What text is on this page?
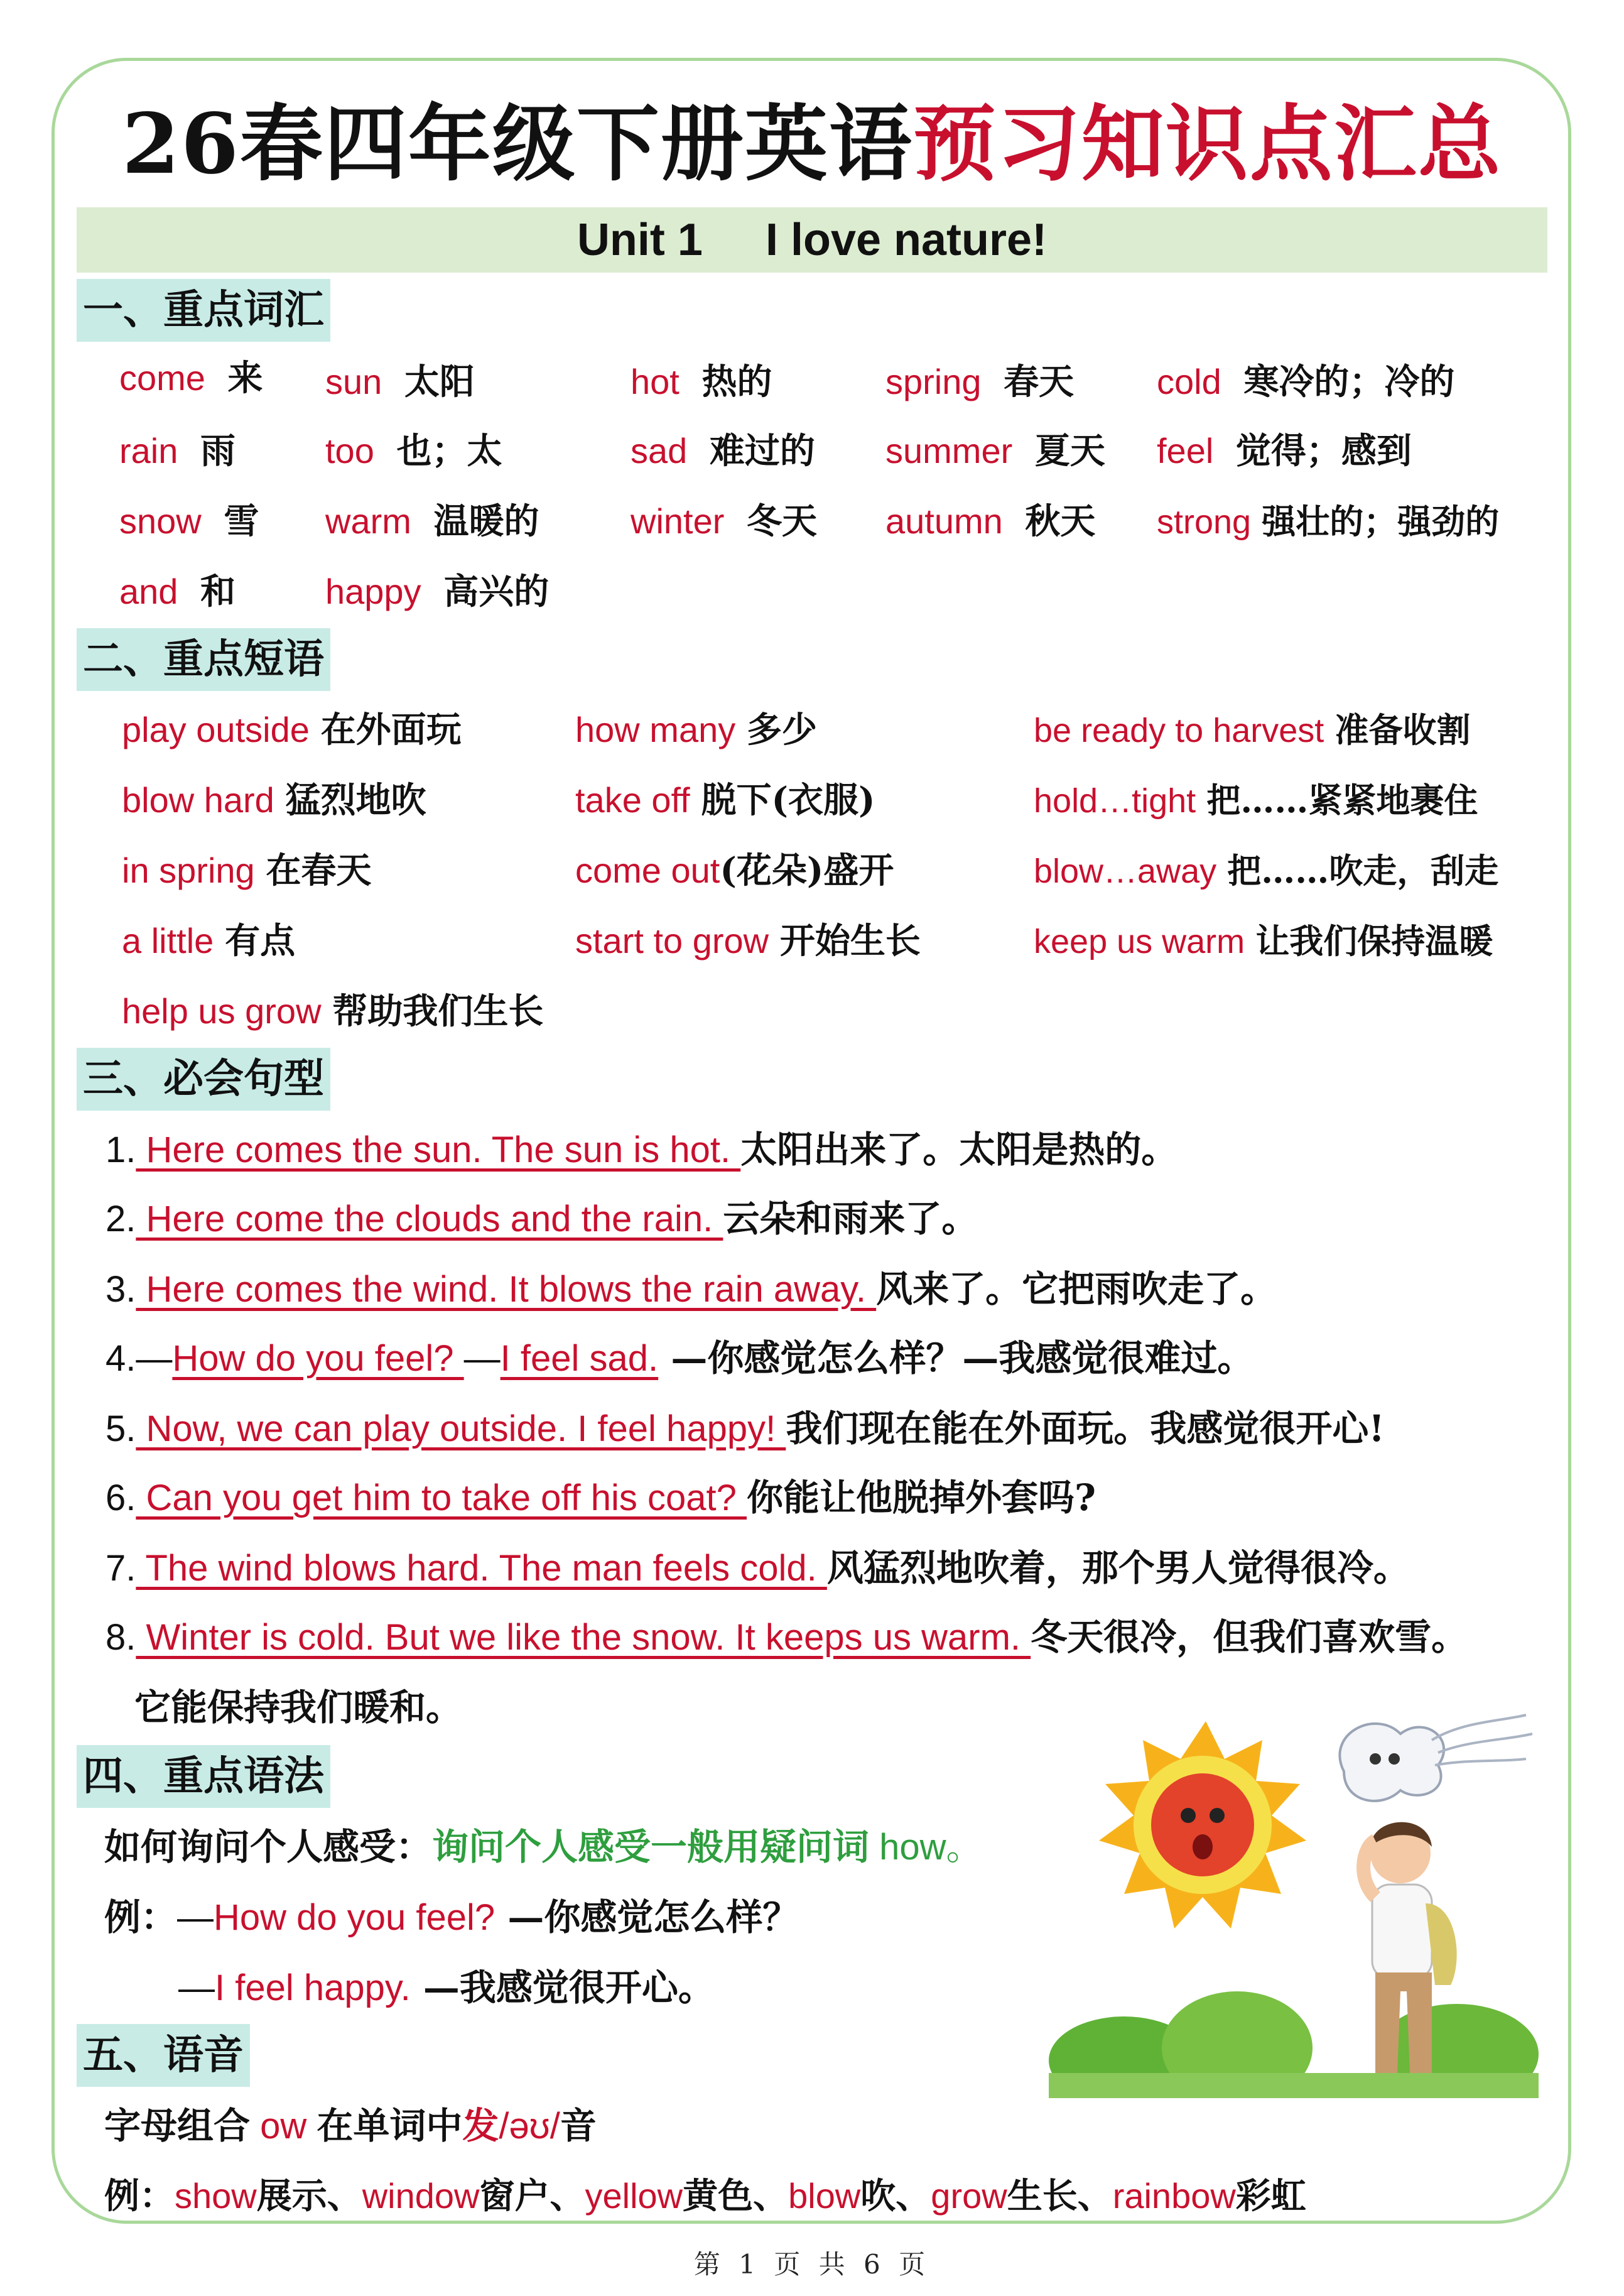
26春四年级下册英语预习知识点汇总
Unit 1 I love nature!
一、重点词汇
come 来 sun 太阳	hot 热的	spring 春天 cold 寒冷的；冷的
rain 雨	too 也；太	sad 难过的 summer 夏天 feel 觉得；感到
snow 雪 warm 温暖的	winter 冬天 autumn 秋天 strong 强壮的；强劲的
and 和	happy 高兴的
二、重点短语
play outside 在外面玩	how many 多少	be ready to harvest 准备收割
blow hard 猛烈地吹	take off 脱下(衣服)	hold…tight 把……紧紧地裹住
in spring 在春天	come out(花朵)盛开	blow…away 把……吹走，刮走
a little 有点	start to grow 开始生长	keep us warm 让我们保持温暖
help us grow 帮助我们生长
三、必会句型
1. Here comes the sun. The sun is hot. 太阳出来了。太阳是热的。
2. Here come the clouds and the rain. 云朵和雨来了。
3. Here comes the wind. It blows the rain away. 风来了。它把雨吹走了。
4.—How do you feel? —I feel sad. —你感觉怎么样？—我感觉很难过。
5. Now, we can play outside. I feel happy! 我们现在能在外面玩。我感觉很开心!
6. Can you get him to take off his coat? 你能让他脱掉外套吗?
7. The wind blows hard. The man feels cold. 风猛烈地吹着，那个男人觉得很冷。
8. Winter is cold. But we like the snow. It keeps us warm. 冬天很冷，但我们喜欢雪。
它能保持我们暖和。
四、重点语法
如何询问个人感受：询问个人感受一般用疑问词 how。
例：—How do you feel? —你感觉怎么样？
—I feel happy. —我感觉很开心。
五、语音
字母组合 ow 在单词中发/əʊ/音
例：show展示、window窗户、yellow黄色、blow吹、grow生长、rainbow彩虹
第 1 页 共 6 页
